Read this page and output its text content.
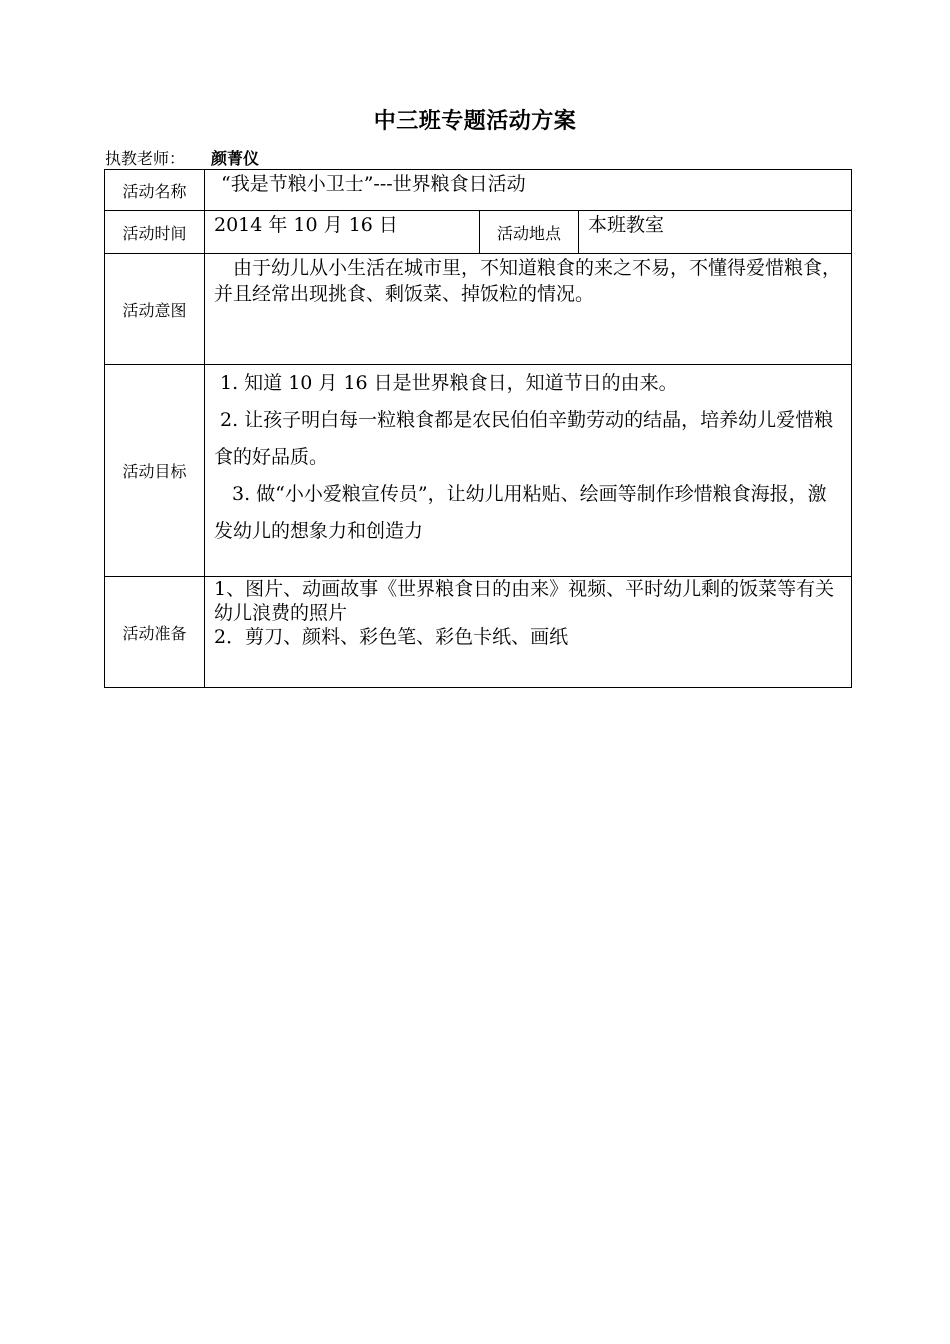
中三班专题活动方案
执教老师： 颜菁仪
活动名称	“我是节粮小卫士”---世界粮食日活动		

活动时间	2014 年 10 月 16 日	活动地点	本班教室

活动意图	由于幼儿从小生活在城市里，不知道粮食的来之不易，不懂得爱惜粮食，并且经常出现挑食、剩饭菜、掉饭粒的情况。		

活动目标	1. 知道 10 月 16 日是世界粮食日，知道节日的由来。

2. 让孩子明白每一粒粮食都是农民伯伯辛勤劳动的结晶，培养幼儿爱惜粮食的好品质。

3. 做“小小爱粮宣传员”，让幼儿用粘贴、绘画等制作珍惜粮食海报，激发幼儿的想象力和创造力		

活动准备	1、图片、动画故事《世界粮食日的由来》视频、平时幼儿剩的饭菜等有关幼儿浪费的照片

2．剪刀、颜料、彩色笔、彩色卡纸、画纸		
